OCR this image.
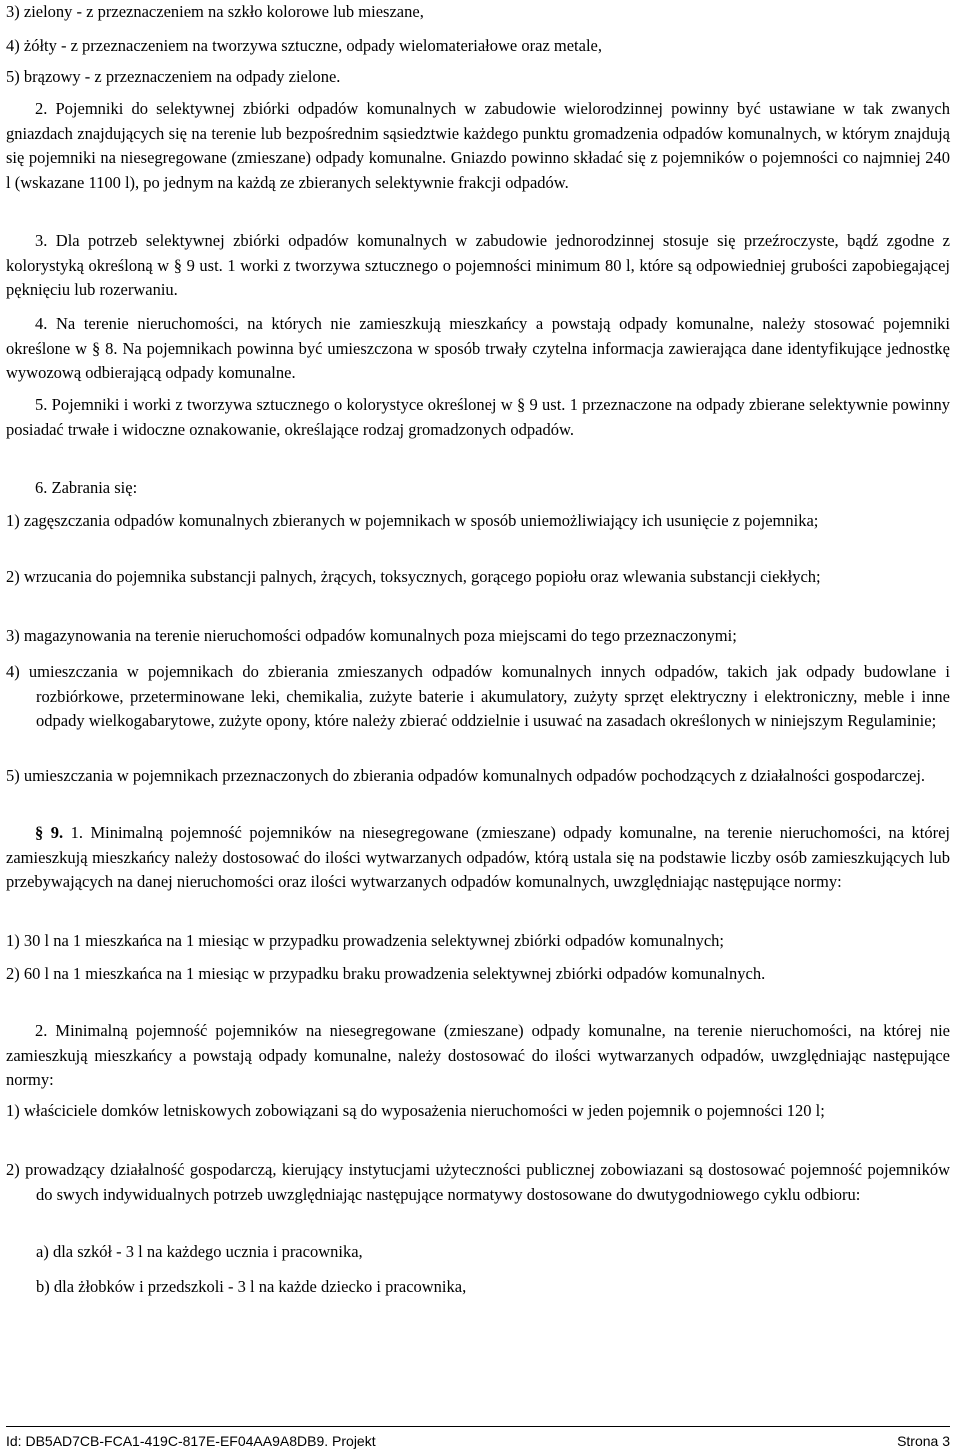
3) zielony - z przeznaczeniem na szkło kolorowe lub mieszane,
4) żółty - z przeznaczeniem na tworzywa sztuczne, odpady wielomateriałowe oraz metale,
5) brązowy - z przeznaczeniem na odpady zielone.
2. Pojemniki do selektywnej zbiórki odpadów komunalnych w zabudowie wielorodzinnej powinny być ustawiane w tak zwanych gniazdach znajdujących się na terenie lub bezpośrednim sąsiedztwie każdego punktu gromadzenia odpadów komunalnych, w którym znajdują się pojemniki na niesegregowane (zmieszane) odpady komunalne. Gniazdo powinno składać się z pojemników o pojemności co najmniej 240 l (wskazane 1100 l), po jednym na każdą ze zbieranych selektywnie frakcji odpadów.
3. Dla potrzeb selektywnej zbiórki odpadów komunalnych w zabudowie jednorodzinnej stosuje się przeźroczyste, bądź zgodne z kolorystyką określoną w § 9 ust. 1 worki z tworzywa sztucznego o pojemności minimum 80 l, które są odpowiedniej grubości zapobiegającej pęknięciu lub rozerwaniu.
4. Na terenie nieruchomości, na których nie zamieszkują mieszkańcy a powstają odpady komunalne, należy stosować pojemniki określone w § 8. Na pojemnikach powinna być umieszczona w sposób trwały czytelna informacja zawierająca dane identyfikujące jednostkę wywozową odbierającą odpady komunalne.
5. Pojemniki i worki z tworzywa sztucznego o kolorystyce określonej w § 9 ust. 1 przeznaczone na odpady zbierane selektywnie powinny posiadać trwałe i widoczne oznakowanie, określające rodzaj gromadzonych odpadów.
6. Zabrania się:
1) zagęszczania odpadów komunalnych zbieranych w pojemnikach w sposób uniemożliwiający ich usunięcie z pojemnika;
2) wrzucania do pojemnika substancji palnych, żrących, toksycznych, gorącego popiołu oraz wlewania substancji ciekłych;
3) magazynowania na terenie nieruchomości odpadów komunalnych poza miejscami do tego przeznaczonymi;
4) umieszczania w pojemnikach do zbierania zmieszanych odpadów komunalnych innych odpadów, takich jak odpady budowlane i rozbiórkowe, przeterminowane leki, chemikalia, zużyte baterie i akumulatory, zużyty sprzęt elektryczny i elektroniczny, meble i inne odpady wielkogabarytowe, zużyte opony, które należy zbierać oddzielnie i usuwać na zasadach określonych w niniejszym Regulaminie;
5) umieszczania w pojemnikach przeznaczonych do zbierania odpadów komunalnych odpadów pochodzących z działalności gospodarczej.
§ 9. 1. Minimalną pojemność pojemników na niesegregowane (zmieszane) odpady komunalne, na terenie nieruchomości, na której zamieszkują mieszkańcy należy dostosować do ilości wytwarzanych odpadów, którą ustala się na podstawie liczby osób zamieszkujących lub przebywających na danej nieruchomości oraz ilości wytwarzanych odpadów komunalnych, uwzględniając następujące normy:
1) 30 l na 1 mieszkańca na 1 miesiąc w przypadku prowadzenia selektywnej zbiórki odpadów komunalnych;
2) 60 l na 1 mieszkańca na 1 miesiąc w przypadku braku prowadzenia selektywnej zbiórki odpadów komunalnych.
2. Minimalną pojemność pojemników na niesegregowane (zmieszane) odpady komunalne, na terenie nieruchomości, na której nie zamieszkują mieszkańcy a powstają odpady komunalne, należy dostosować do ilości wytwarzanych odpadów, uwzględniając następujące normy:
1) właściciele domków letniskowych zobowiązani są do wyposażenia nieruchomości w jeden pojemnik o pojemności 120 l;
2) prowadzący działalność gospodarczą, kierujący instytucjami użyteczności publicznej zobowiazani są dostosować pojemność pojemników do swych indywidualnych potrzeb uwzględniając następujące normatywy dostosowane do dwutygodniowego cyklu odbioru:
a) dla szkół - 3 l na każdego ucznia i pracownika,
b) dla żłobków i przedszkoli - 3 l na każde dziecko i pracownika,
Id: DB5AD7CB-FCA1-419C-817E-EF04AA9A8DB9. Projekt	Strona 3
